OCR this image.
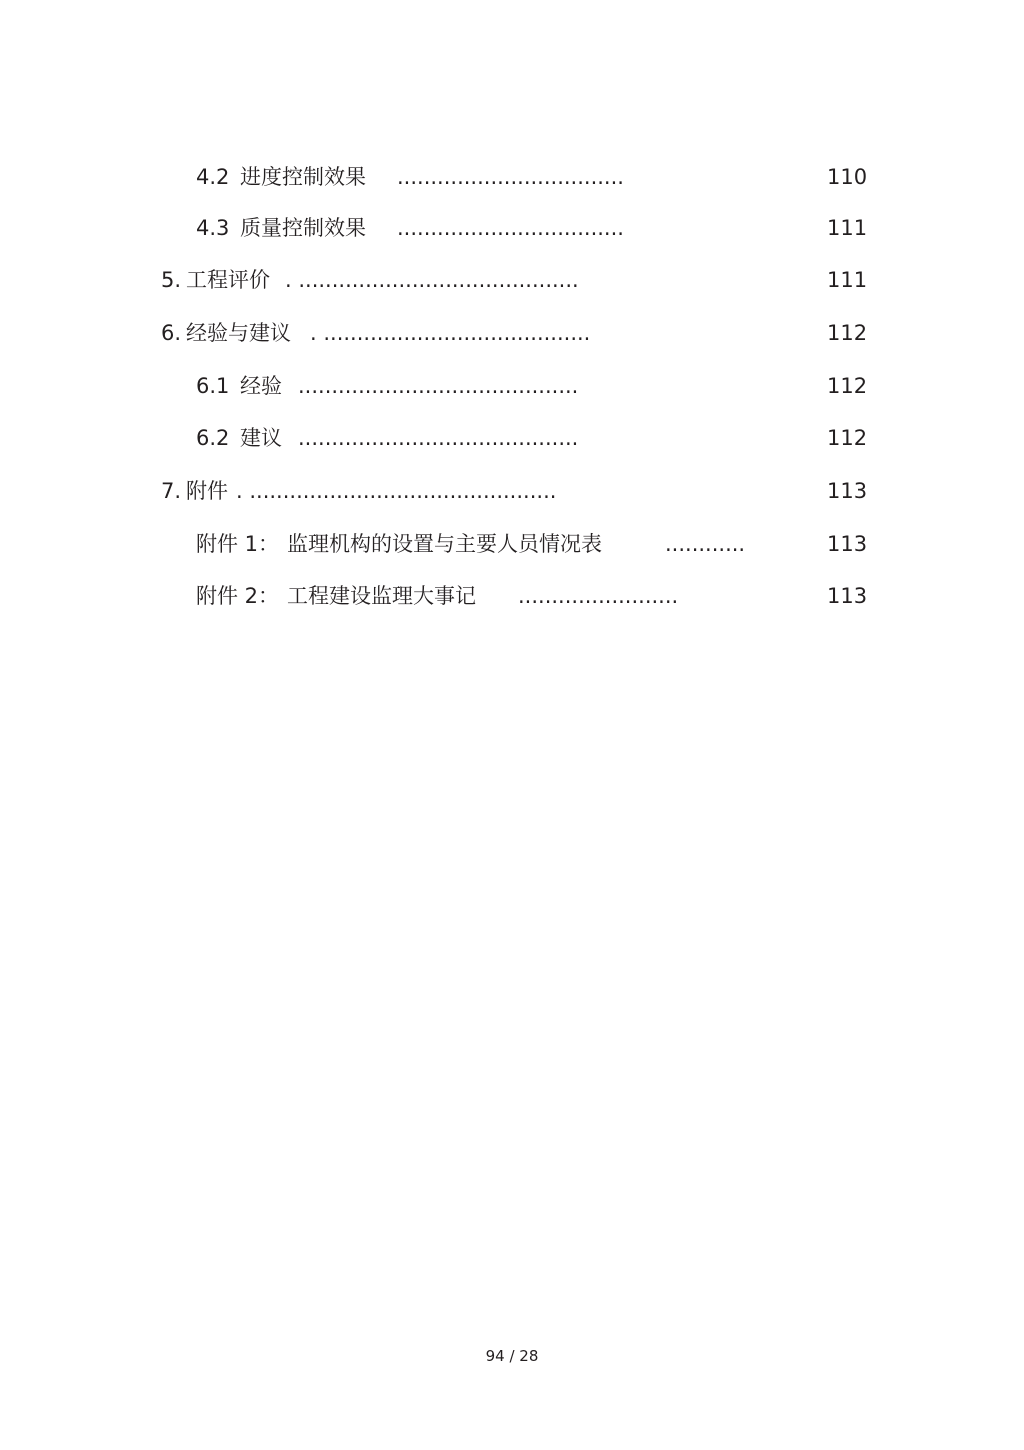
4.2 进度控制效果 ..................................	110
4.3 质量控制效果 ..................................	111
5. 工程评价 . ..........................................	111
6. 经验与建议 . ........................................	112
6.1 经验 ..........................................	112
6.2 建议 ..........................................	112
7. 附件 . ..............................................	113
附件 1： 监理机构的设置与主要人员情况表	............	113
附件 2： 工程建设监理大事记 ........................	113
94 / 28
